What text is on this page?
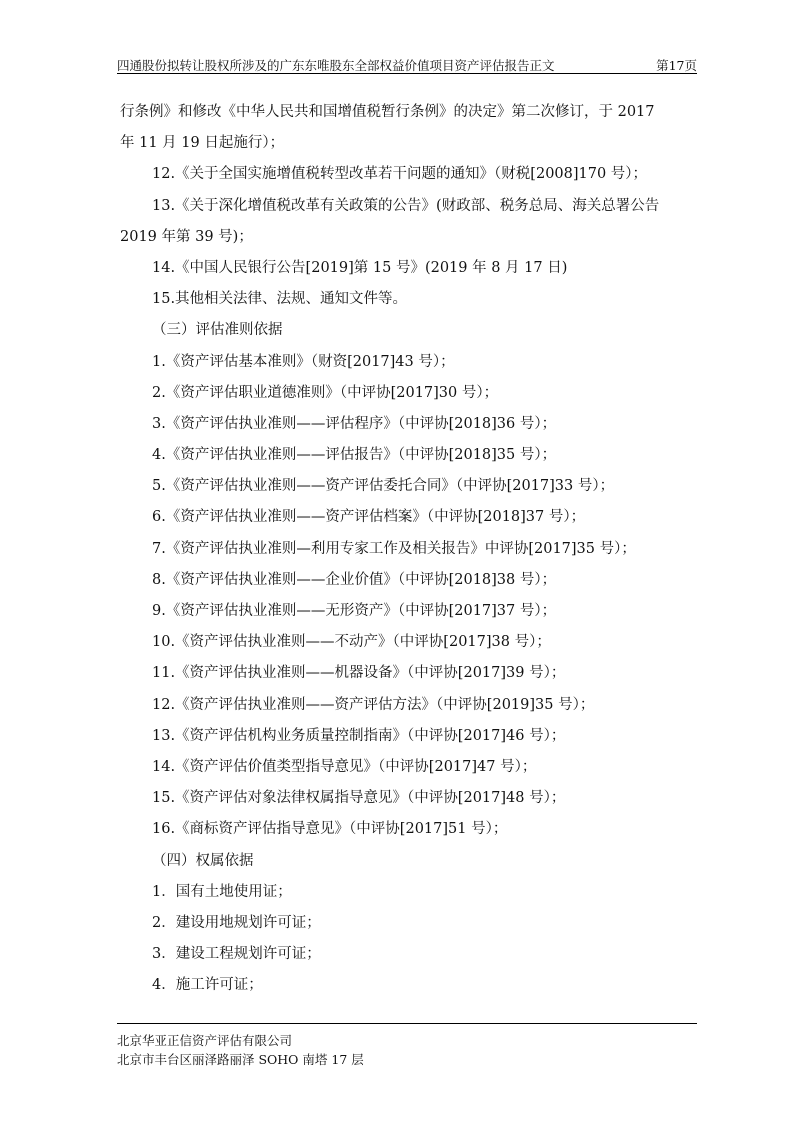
四通股份拟转让股权所涉及的广东东唯股东全部权益价值项目资产评估报告正文	第17页
行条例》和修改《中华人民共和国增值税暂行条例》的决定》第二次修订，于 2017
年 11 月 19 日起施行）；
12.《关于全国实施增值税转型改革若干问题的通知》（财税[2008]170 号）；
13.《关于深化增值税改革有关政策的公告》(财政部、税务总局、海关总署公告
2019 年第 39 号)；
14.《中国人民银行公告[2019]第 15 号》(2019 年 8 月 17 日)
15.其他相关法律、法规、通知文件等。
（三）评估准则依据
1.《资产评估基本准则》（财资[2017]43 号）；
2.《资产评估职业道德准则》（中评协[2017]30 号）；
3.《资产评估执业准则——评估程序》（中评协[2018]36 号）；
4.《资产评估执业准则——评估报告》（中评协[2018]35 号）；
5.《资产评估执业准则——资产评估委托合同》（中评协[2017]33 号）；
6.《资产评估执业准则——资产评估档案》（中评协[2018]37 号）；
7.《资产评估执业准则—利用专家工作及相关报告》中评协[2017]35 号）；
8.《资产评估执业准则——企业价值》（中评协[2018]38 号）；
9.《资产评估执业准则——无形资产》（中评协[2017]37 号）；
10.《资产评估执业准则——不动产》（中评协[2017]38 号）；
11.《资产评估执业准则——机器设备》（中评协[2017]39 号）；
12.《资产评估执业准则——资产评估方法》（中评协[2019]35 号）；
13.《资产评估机构业务质量控制指南》（中评协[2017]46 号）；
14.《资产评估价值类型指导意见》（中评协[2017]47 号）；
15.《资产评估对象法律权属指导意见》（中评协[2017]48 号）；
16.《商标资产评估指导意见》（中评协[2017]51 号）；
（四）权属依据
1．国有土地使用证；
2．建设用地规划许可证；
3．建设工程规划许可证；
4．施工许可证；
北京华亚正信资产评估有限公司
北京市丰台区丽泽路丽泽 SOHO 南塔 17 层
